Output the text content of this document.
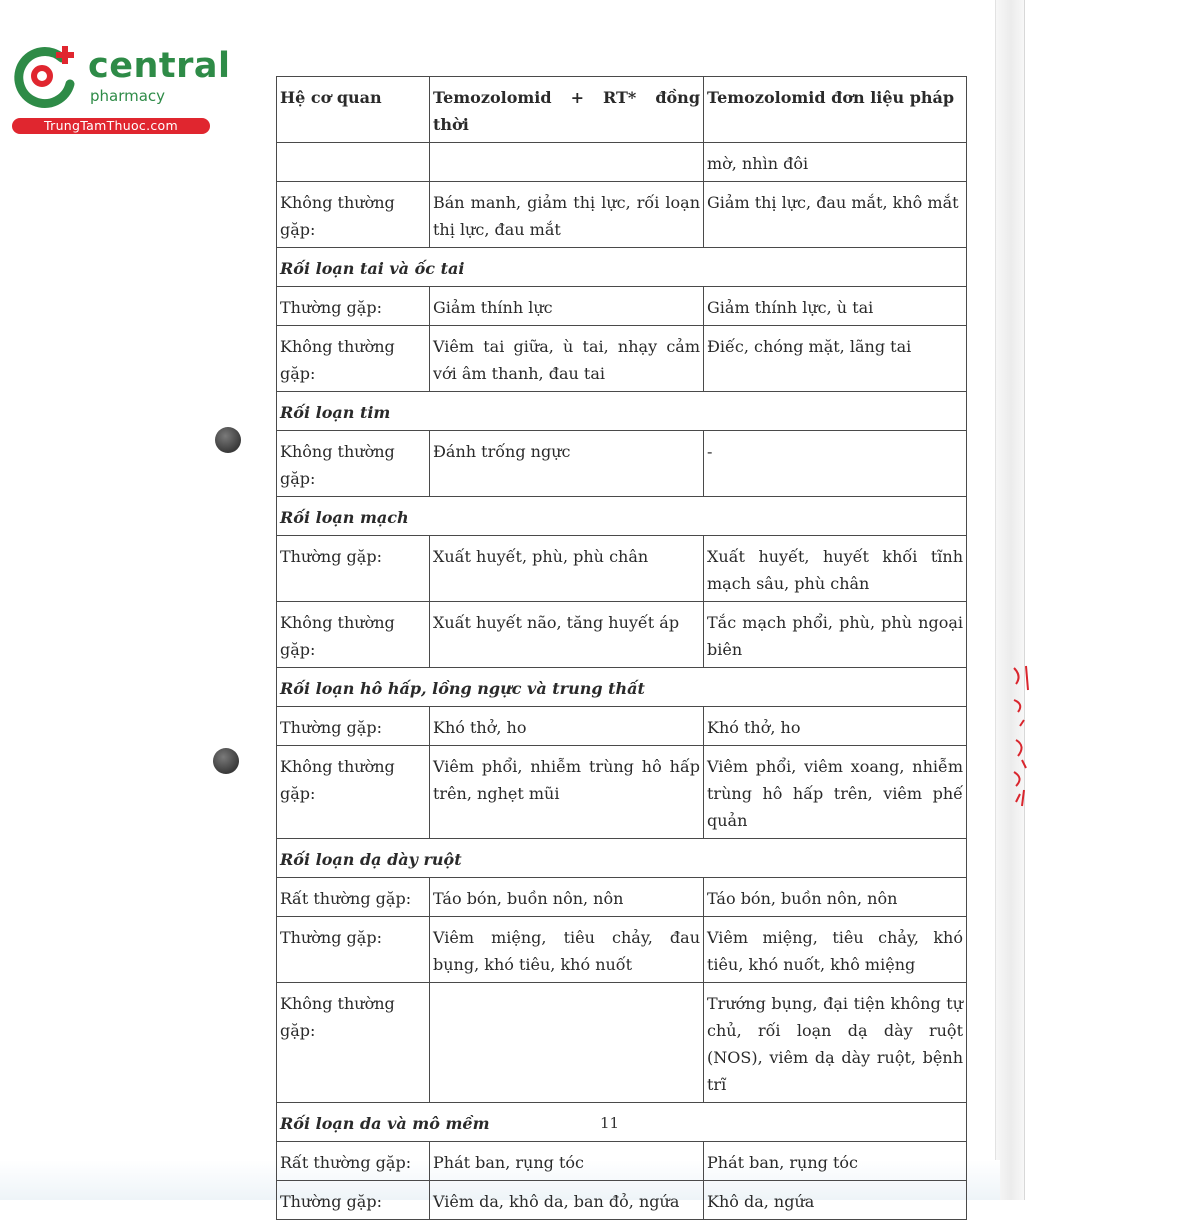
central
pharmacy
TrungTamThuoc.com
Hệ cơ quan	Temozolomid + RT* đồng thời	Temozolomid đơn liệu pháp
		mờ, nhìn đôi
Không thường gặp:	Bán manh, giảm thị lực, rối loạn thị lực, đau mắt	Giảm thị lực, đau mắt, khô mắt
Rối loạn tai và ốc tai		
Thường gặp:	Giảm thính lực	Giảm thính lực, ù tai
Không thường gặp:	Viêm tai giữa, ù tai, nhạy cảm với âm thanh, đau tai	Điếc, chóng mặt, lãng tai
Rối loạn tim		
Không thường gặp:	Đánh trống ngực	-
Rối loạn mạch		
Thường gặp:	Xuất huyết, phù, phù chân	Xuất huyết, huyết khối tĩnh mạch sâu, phù chân
Không thường gặp:	Xuất huyết não, tăng huyết áp	Tắc mạch phổi, phù, phù ngoại biên
Rối loạn hô hấp, lồng ngực và trung thất		
Thường gặp:	Khó thở, ho	Khó thở, ho
Không thường gặp:	Viêm phổi, nhiễm trùng hô hấp trên, nghẹt mũi	Viêm phổi, viêm xoang, nhiễm trùng hô hấp trên, viêm phế quản
Rối loạn dạ dày ruột		
Rất thường gặp:	Táo bón, buồn nôn, nôn	Táo bón, buồn nôn, nôn
Thường gặp:	Viêm miệng, tiêu chảy, đau bụng, khó tiêu, khó nuốt	Viêm miệng, tiêu chảy, khó tiêu, khó nuốt, khô miệng
Không thường gặp:		Trướng bụng, đại tiện không tự chủ, rối loạn dạ dày ruột (NOS), viêm dạ dày ruột, bệnh trĩ
Rối loạn da và mô mềm		
Rất thường gặp:	Phát ban, rụng tóc	Phát ban, rụng tóc
Thường gặp:	Viêm da, khô da, ban đỏ, ngứa	Khô da, ngứa
11
